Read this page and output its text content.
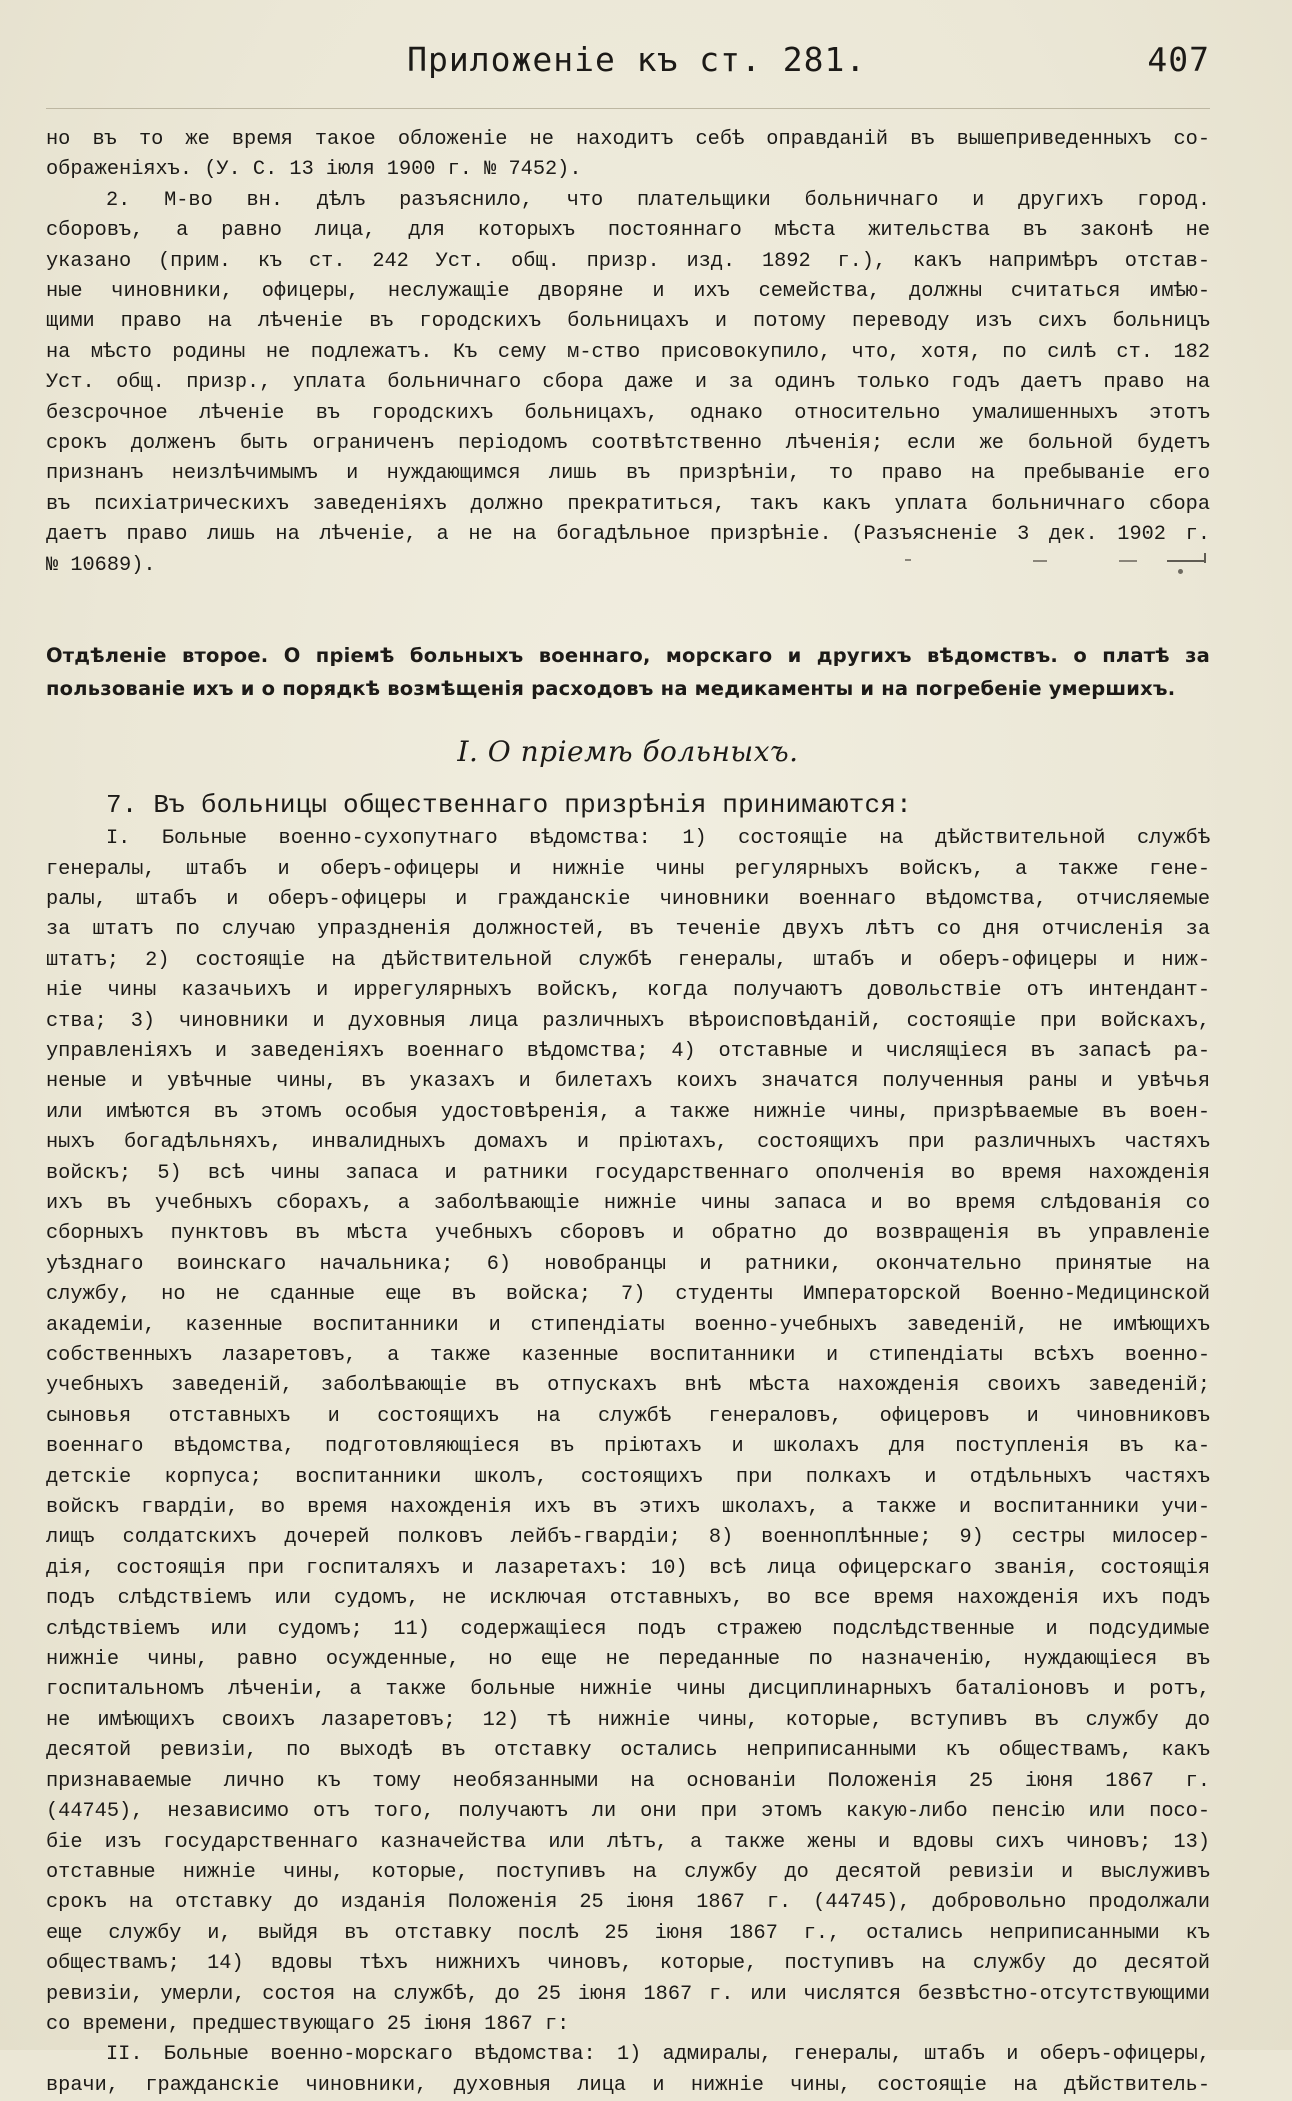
Приложеніе къ ст. 281.	407
но въ то же время такое обложеніе не находитъ себѣ оправданій въ вышеприведенныхъ со-
ображеніяхъ. (У. С. 13 іюля 1900 г. № 7452).
2. М-во вн. дѣлъ разъяснило, что плательщики больничнаго и другихъ город.
сборовъ, а равно лица, для которыхъ постояннаго мѣста жительства въ законѣ не
указано (прим. къ ст. 242 Уст. общ. призр. изд. 1892 г.), какъ напримѣръ отстав-
ные чиновники, офицеры, неслужащіе дворяне и ихъ семейства, должны считаться имѣю-
щими право на лѣченіе въ городскихъ больницахъ и потому переводу изъ сихъ больницъ
на мѣсто родины не подлежатъ. Къ сему м-ство присовокупило, что, хотя, по силѣ ст. 182
Уст. общ. призр., уплата больничнаго сбора даже и за одинъ только годъ даетъ право на
безсрочное лѣченіе въ городскихъ больницахъ, однако относительно умалишенныхъ этотъ
срокъ долженъ быть ограниченъ періодомъ соотвѣтственно лѣченія; если же больной будетъ
признанъ неизлѣчимымъ и нуждающимся лишь въ призрѣніи, то право на пребываніе его
въ психіатрическихъ заведеніяхъ должно прекратиться, такъ какъ уплата больничнаго сбора
даетъ право лишь на лѣченіе, а не на богадѣльное призрѣніе. (Разъясненіе 3 дек. 1902 г.
№ 10689).
Отдѣленіе второе. О пріемѣ больныхъ военнаго, морскаго и другихъ вѣдомствъ. о платѣ за
пользованіе ихъ и о порядкѣ возмѣщенія расходовъ на медикаменты и на погребеніе умершихъ.
I. О пріемѣ больныхъ.
7. Въ больницы общественнаго призрѣнія принимаются:
I. Больные военно-сухопутнаго вѣдомства: 1) состоящіе на дѣйствительной службѣ
генералы, штабъ и оберъ-офицеры и нижніе чины регулярныхъ войскъ, а также гене-
ралы, штабъ и оберъ-офицеры и гражданскіе чиновники военнаго вѣдомства, отчисляемые
за штатъ по случаю упраздненія должностей, въ теченіе двухъ лѣтъ со дня отчисленія за
штатъ; 2) состоящіе на дѣйствительной службѣ генералы, штабъ и оберъ-офицеры и ниж-
ніе чины казачьихъ и иррегулярныхъ войскъ, когда получаютъ довольствіе отъ интендант-
ства; 3) чиновники и духовныя лица различныхъ вѣроисповѣданій, состоящіе при войскахъ,
управленіяхъ и заведеніяхъ военнаго вѣдомства; 4) отставные и числящіеся въ запасѣ ра-
неные и увѣчные чины, въ указахъ и билетахъ коихъ значатся полученныя раны и увѣчья
или имѣются въ этомъ особыя удостовѣренія, а также нижніе чины, призрѣваемые въ воен-
ныхъ богадѣльняхъ, инвалидныхъ домахъ и пріютахъ, состоящихъ при различныхъ частяхъ
войскъ; 5) всѣ чины запаса и ратники государственнаго ополченія во время нахожденія
ихъ въ учебныхъ сборахъ, а заболѣвающіе нижніе чины запаса и во время слѣдованія со
сборныхъ пунктовъ въ мѣста учебныхъ сборовъ и обратно до возвращенія въ управленіе
уѣзднаго воинскаго начальника; 6) новобранцы и ратники, окончательно принятые на
службу, но не сданные еще въ войска; 7) студенты Императорской Военно-Медицинской
академіи, казенные воспитанники и стипендіаты военно-учебныхъ заведеній, не имѣющихъ
собственныхъ лазаретовъ, а также казенные воспитанники и стипендіаты всѣхъ военно-
учебныхъ заведеній, заболѣвающіе въ отпускахъ внѣ мѣста нахожденія своихъ заведеній;
сыновья отставныхъ и состоящихъ на службѣ генераловъ, офицеровъ и чиновниковъ
военнаго вѣдомства, подготовляющіеся въ пріютахъ и школахъ для поступленія въ ка-
детскіе корпуса; воспитанники школъ, состоящихъ при полкахъ и отдѣльныхъ частяхъ
войскъ гвардіи, во время нахожденія ихъ въ этихъ школахъ, а также и воспитанники учи-
лищъ солдатскихъ дочерей полковъ лейбъ-гвардіи; 8) военноплѣнные; 9) сестры милосер-
дія, состоящія при госпиталяхъ и лазаретахъ: 10) всѣ лица офицерскаго званія, состоящія
подъ слѣдствіемъ или судомъ, не исключая отставныхъ, во все время нахожденія ихъ подъ
слѣдствіемъ или судомъ; 11) содержащіеся подъ стражею подслѣдственные и подсудимые
нижніе чины, равно осужденные, но еще не переданные по назначенію, нуждающіеся въ
госпитальномъ лѣченіи, а также больные нижніе чины дисциплинарныхъ баталіоновъ и ротъ,
не имѣющихъ своихъ лазаретовъ; 12) тѣ нижніе чины, которые, вступивъ въ службу до
десятой ревизіи, по выходѣ въ отставку остались неприписанными къ обществамъ, какъ
признаваемые лично къ тому необязанными на основаніи Положенія 25 іюня 1867 г.
(44745), независимо отъ того, получаютъ ли они при этомъ какую-либо пенсію или посо-
біе изъ государственнаго казначейства или лѣтъ, а также жены и вдовы сихъ чиновъ; 13)
отставные нижніе чины, которые, поступивъ на службу до десятой ревизіи и выслуживъ
срокъ на отставку до изданія Положенія 25 іюня 1867 г. (44745), добровольно продолжали
еще службу и, выйдя въ отставку послѣ 25 іюня 1867 г., остались неприписанными къ
обществамъ; 14) вдовы тѣхъ нижнихъ чиновъ, которые, поступивъ на службу до десятой
ревизіи, умерли, состоя на службѣ, до 25 іюня 1867 г. или числятся безвѣстно-отсутствующими
со времени, предшествующаго 25 іюня 1867 г:
II. Больные военно-морскаго вѣдомства: 1) адмиралы, генералы, штабъ и оберъ-офицеры,
врачи, гражданскіе чиновники, духовныя лица и нижніе чины, состоящіе на дѣйствитель-
